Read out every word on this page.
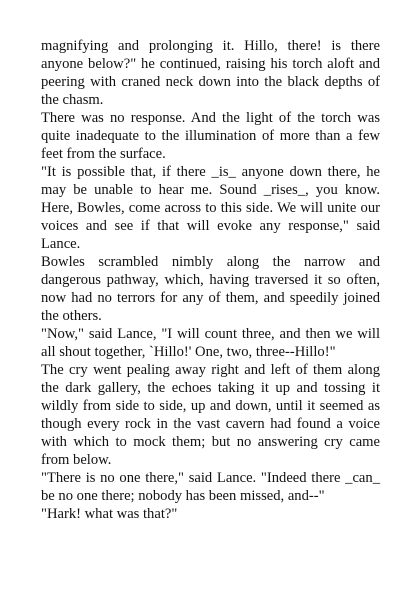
magnifying and prolonging it. Hillo, there! is there anyone below?" he continued, raising his torch aloft and peering with craned neck down into the black depths of the chasm.

There was no response. And the light of the torch was quite inadequate to the illumination of more than a few feet from the surface.

"It is possible that, if there _is_ anyone down there, he may be unable to hear me. Sound _rises_, you know. Here, Bowles, come across to this side. We will unite our voices and see if that will evoke any response," said Lance.

Bowles scrambled nimbly along the narrow and dangerous pathway, which, having traversed it so often, now had no terrors for any of them, and speedily joined the others.

"Now," said Lance, "I will count three, and then we will all shout together, `Hillo!' One, two, three--Hillo!"

The cry went pealing away right and left of them along the dark gallery, the echoes taking it up and tossing it wildly from side to side, up and down, until it seemed as though every rock in the vast cavern had found a voice with which to mock them; but no answering cry came from below.

"There is no one there," said Lance. "Indeed there _can_ be no one there; nobody has been missed, and--"

"Hark! what was that?"
